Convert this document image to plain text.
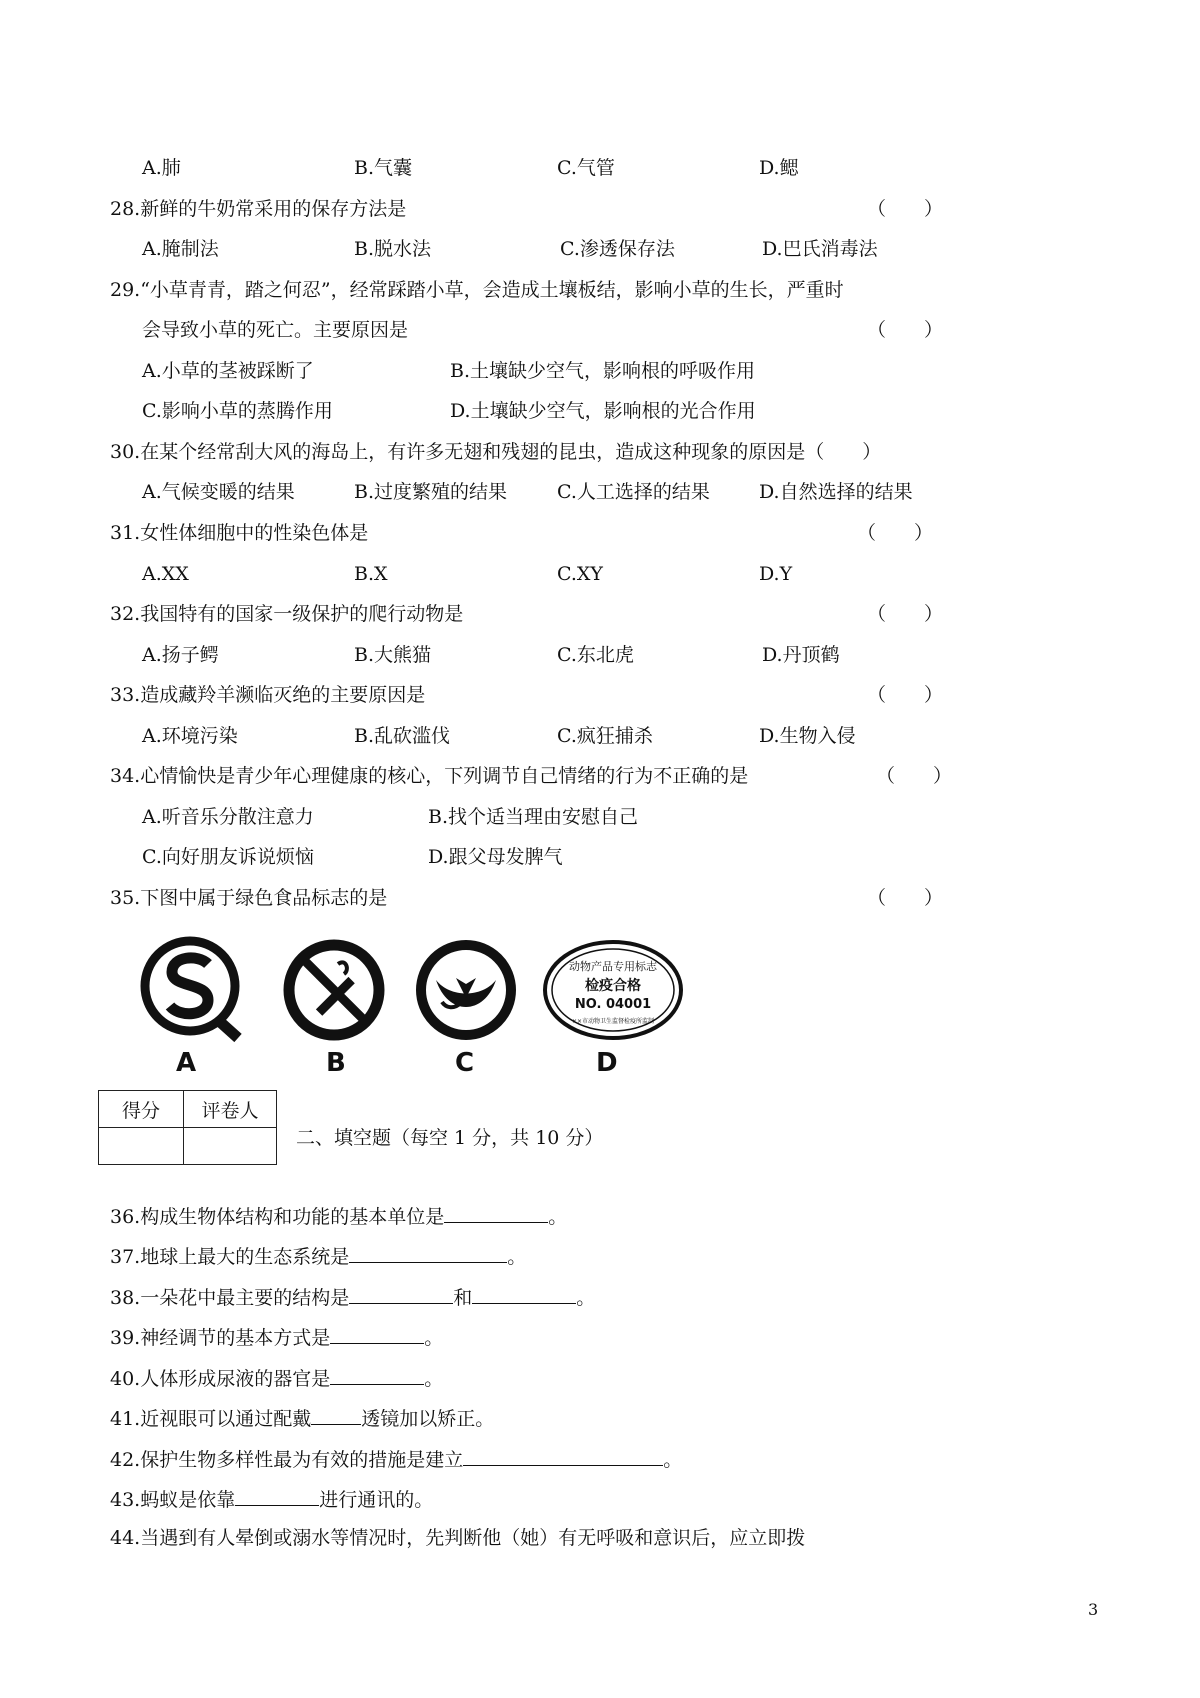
A.肺	B.气囊	C.气管	D.鳃
28.新鲜的牛奶常采用的保存方法是	（　　）
A.腌制法	B.脱水法	C.渗透保存法	D.巴氏消毒法
29.“小草青青，踏之何忍”，经常踩踏小草，会造成土壤板结，影响小草的生长，严重时
会导致小草的死亡。主要原因是	（　　）
A.小草的茎被踩断了	B.土壤缺少空气，影响根的呼吸作用
C.影响小草的蒸腾作用	D.土壤缺少空气，影响根的光合作用
30.在某个经常刮大风的海岛上，有许多无翅和残翅的昆虫，造成这种现象的原因是（　　）
A.气候变暖的结果	B.过度繁殖的结果	C.人工选择的结果	D.自然选择的结果
31.女性体细胞中的性染色体是	（　　）
A.XX	B.X	C.XY	D.Y
32.我国特有的国家一级保护的爬行动物是	（　　）
A.扬子鳄	B.大熊猫	C.东北虎	D.丹顶鹤
33.造成藏羚羊濒临灭绝的主要原因是	（　　）
A.环境污染	B.乱砍滥伐	C.疯狂捕杀	D.生物入侵
34.心情愉快是青少年心理健康的核心，下列调节自己情绪的行为不正确的是	（　　）
A.听音乐分散注意力	B.找个适当理由安慰自己
C.向好朋友诉说烦恼	D.跟父母发脾气
35.下图中属于绿色食品标志的是	（　　）
动物产品专用标志
检疫合格
NO. 04001
××市动物卫生监督检疫所监制
A	B	C	D
得分	评卷人

二、填空题（每空 1 分，共 10 分）
36.构成生物体结构和功能的基本单位是	。
37.地球上最大的生态系统是	。
38.一朵花中最主要的结构是	和	。
39.神经调节的基本方式是	。
40.人体形成尿液的器官是	。
41.近视眼可以通过配戴	透镜加以矫正。
42.保护生物多样性最为有效的措施是建立	。
43.蚂蚁是依靠	进行通讯的。
44.当遇到有人晕倒或溺水等情况时，先判断他（她）有无呼吸和意识后，应立即拨
3
